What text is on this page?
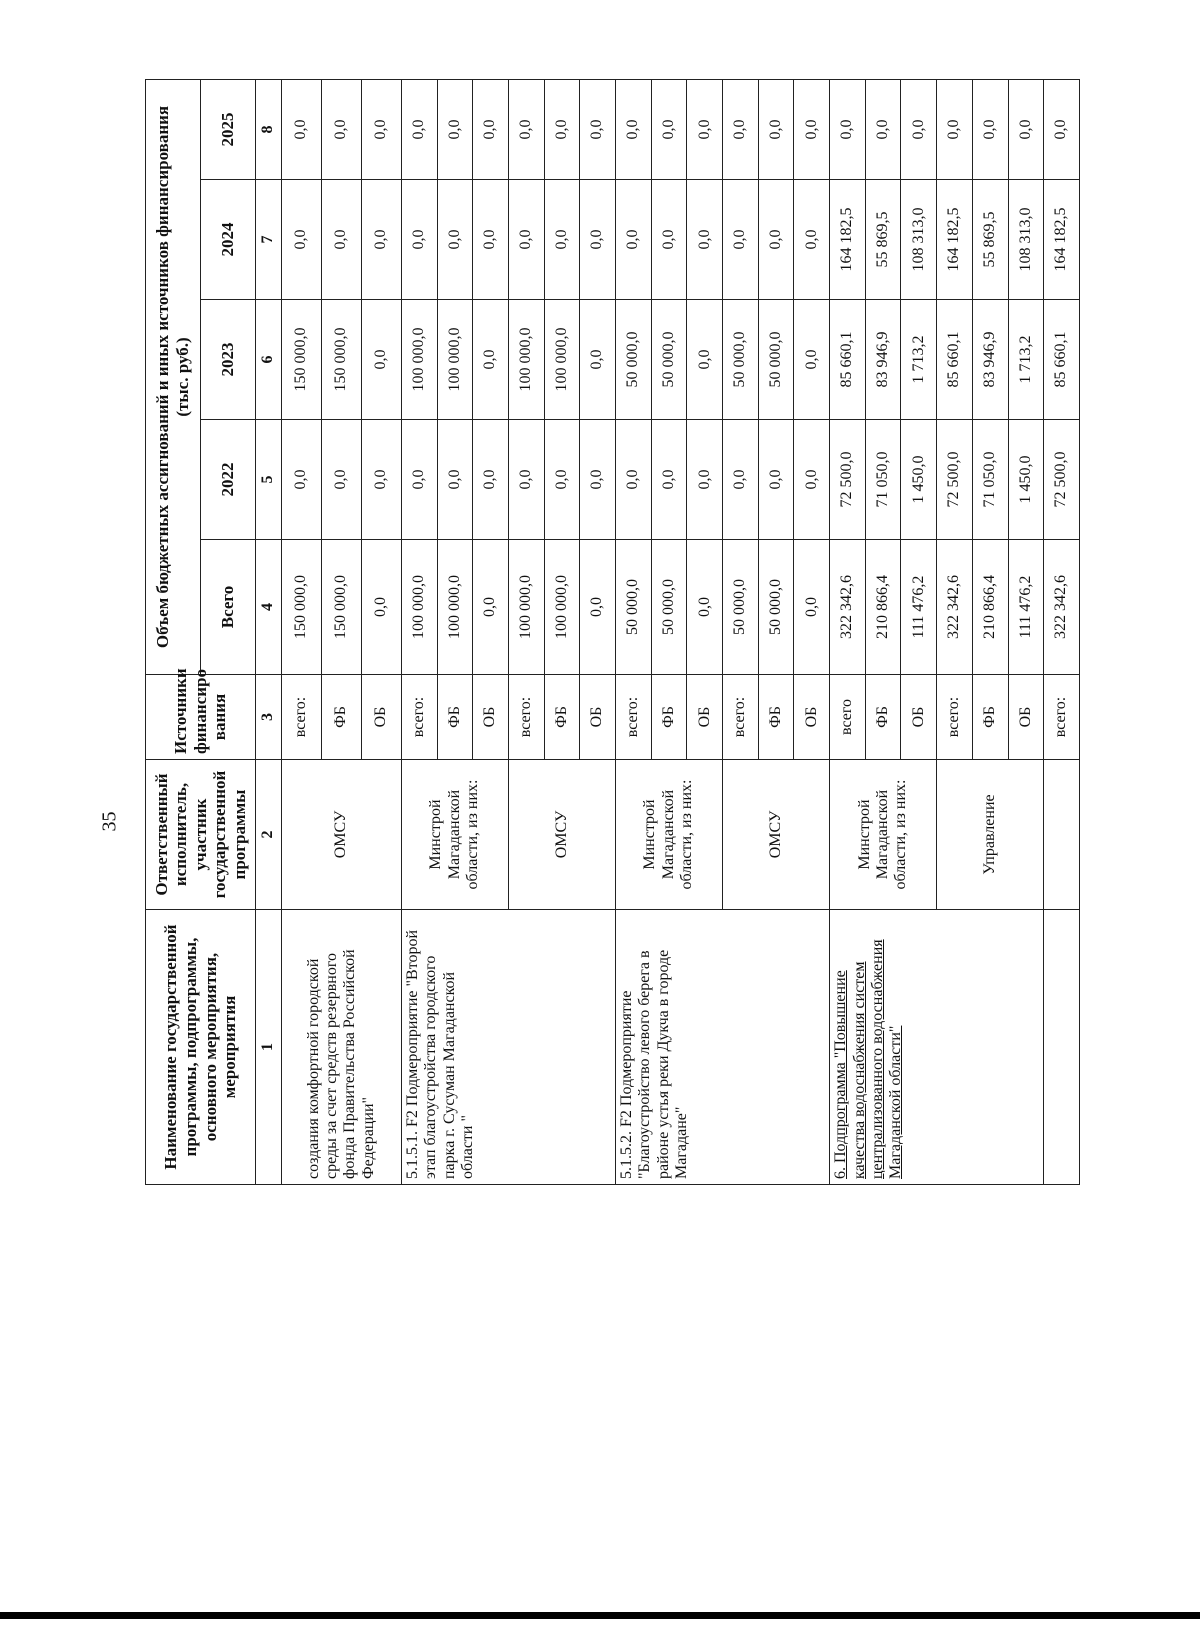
35
Наименование государственной программы, подпрограммы, основного мероприятия, мероприятия	Ответственный исполнитель, участник государственной программы	Источники финансиро вания	Объем бюджетных ассигнований и иных источников финансирования (тыс. руб.)				
			Всего	2022	2023	2024	2025
1	2	3	4	5	6	7	8
создания комфортной городской среды за счет средств резервного фонда Правительства Российской Федерации"	ОМСУ	всего:	150 000,0	0,0	150 000,0	0,0	0,0
		ФБ	150 000,0	0,0	150 000,0	0,0	0,0
		ОБ	0,0	0,0	0,0	0,0	0,0
5.1.5.1. F2 Подмероприятие "Второй этап благоустройства городского парка г. Сусуман Магаданской области "	Минстрой Магаданской области, из них:	всего:	100 000,0	0,0	100 000,0	0,0	0,0
		ФБ	100 000,0	0,0	100 000,0	0,0	0,0
		ОБ	0,0	0,0	0,0	0,0	0,0
	ОМСУ	всего:	100 000,0	0,0	100 000,0	0,0	0,0
		ФБ	100 000,0	0,0	100 000,0	0,0	0,0
		ОБ	0,0	0,0	0,0	0,0	0,0
5.1.5.2. F2 Подмероприятие "Благоустройство левого берега в районе устья реки Дукча в городе Магадане"	Минстрой Магаданской области, из них:	всего:	50 000,0	0,0	50 000,0	0,0	0,0
		ФБ	50 000,0	0,0	50 000,0	0,0	0,0
		ОБ	0,0	0,0	0,0	0,0	0,0
	ОМСУ	всего:	50 000,0	0,0	50 000,0	0,0	0,0
		ФБ	50 000,0	0,0	50 000,0	0,0	0,0
		ОБ	0,0	0,0	0,0	0,0	0,0
6. Подпрограмма "Повышение качества водоснабжения систем централизованного водоснабжения Магаданской области"	Минстрой Магаданской области, из них:	всего	322 342,6	72 500,0	85 660,1	164 182,5	0,0
		ФБ	210 866,4	71 050,0	83 946,9	55 869,5	0,0
		ОБ	111 476,2	1 450,0	1 713,2	108 313,0	0,0
	Управление	всего:	322 342,6	72 500,0	85 660,1	164 182,5	0,0
		ФБ	210 866,4	71 050,0	83 946,9	55 869,5	0,0
		ОБ	111 476,2	1 450,0	1 713,2	108 313,0	0,0
		всего:	322 342,6	72 500,0	85 660,1	164 182,5	0,0
